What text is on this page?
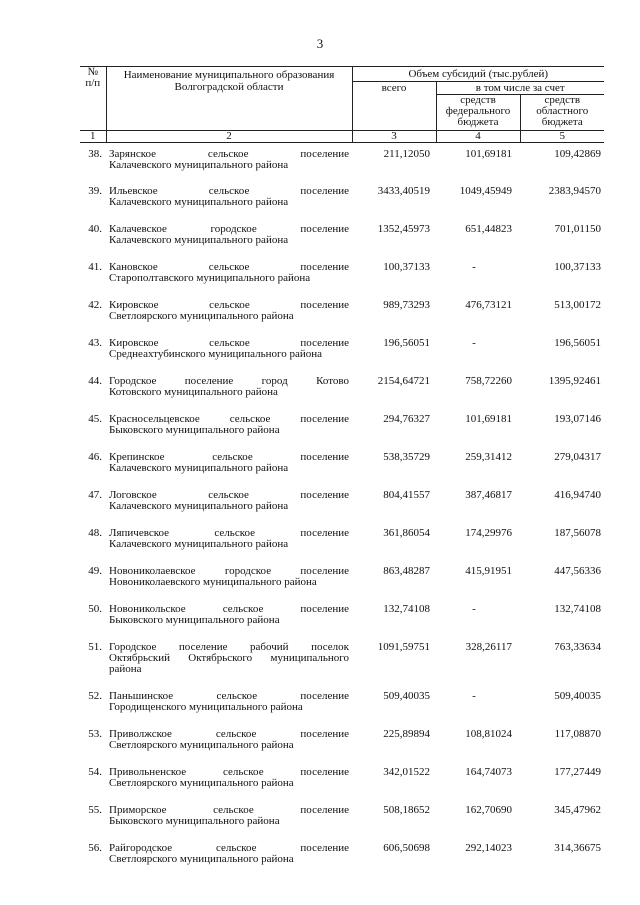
3
№
п/п	Наименование муниципального образования Волгоградской области	Объем субсидий (тыс.рублей)		
		всего	в том числе за счет	
			средств федерального бюджета	средств областного бюджета
1	2	3	4	5
38.	Зарянское сельское поселение
Калачевского муниципального района	211,12050	101,69181	109,42869
39.	Ильевское сельское поселение
Калачевского муниципального района	3433,40519	1049,45949	2383,94570
40.	Калачевское городское поселение
Калачевского муниципального района	1352,45973	651,44823	701,01150
41.	Кановское сельское поселение
Старополтавского муниципального района	100,37133	-	100,37133
42.	Кировское сельское поселение
Светлоярского муниципального района	989,73293	476,73121	513,00172
43.	Кировское сельское поселение
Среднеахтубинского муниципального района	196,56051	-	196,56051
44.	Городское поселение город Котово
Котовского муниципального района	2154,64721	758,72260	1395,92461
45.	Красносельцевское сельское поселение
Быковского муниципального района	294,76327	101,69181	193,07146
46.	Крепинское сельское поселение
Калачевского муниципального района	538,35729	259,31412	279,04317
47.	Логовское сельское поселение
Калачевского муниципального района	804,41557	387,46817	416,94740
48.	Ляпичевское сельское поселение
Калачевского муниципального района	361,86054	174,29976	187,56078
49.	Новониколаевское городское поселение
Новониколаевского муниципального района	863,48287	415,91951	447,56336
50.	Новоникольское сельское поселение
Быковского муниципального района	132,74108	-	132,74108
51.	Городское поселение рабочий поселок
Октябрьский Октябрьского муниципального
района	1091,59751	328,26117	763,33634
52.	Паньшинское сельское поселение
Городищенского муниципального района	509,40035	-	509,40035
53.	Приволжское сельское поселение
Светлоярского муниципального района	225,89894	108,81024	117,08870
54.	Привольненское сельское поселение
Светлоярского муниципального района	342,01522	164,74073	177,27449
55.	Приморское сельское поселение
Быковского муниципального района	508,18652	162,70690	345,47962
56.	Райгородское сельское поселение
Светлоярского муниципального района	606,50698	292,14023	314,36675
